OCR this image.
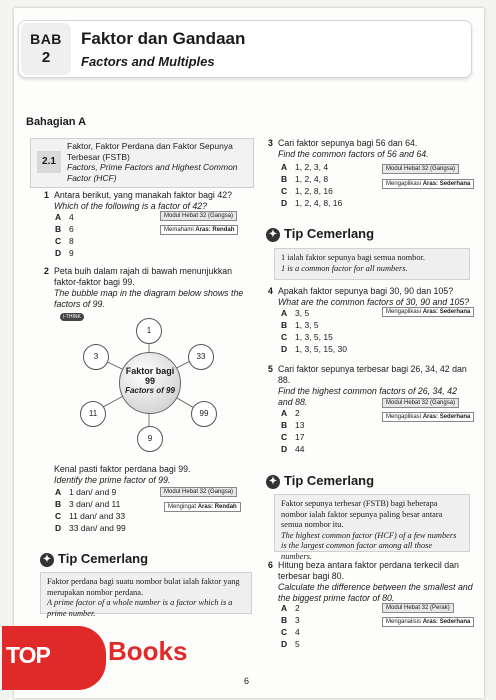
BAB
2
Faktor dan Gandaan
Factors and Multiples
Bahagian A
2.1
Faktor, Faktor Perdana dan Faktor Sepunya Terbesar (FSTB)
Factors, Prime Factors and Highest Common Factor (HCF)
1 Antara berikut, yang manakah faktor bagi 42?
Which of the following is a factor of 42?
A 4
B 6
C 8
D 9
Modul Hebat 32 (Gangsa)
Memahami Aras: Rendah
2 Peta buih dalam rajah di bawah menunjukkan faktor-faktor bagi 99.
The bubble map in the diagram below shows the factors of 99.
1
33
99
9
11
3
Faktor bagi 99
Factors of 99
i-THINK
Kenal pasti faktor perdana bagi 99.
Identify the prime factor of 99.
A 1 dan/ and 9
B 3 dan/ and 11
C 11 dan/ and 33
D 33 dan/ and 99
Modul Hebat 32 (Gangsa)
Mengingat Aras: Rendah
✦ Tip Cemerlang
Faktor perdana bagi suatu nombor bulat ialah faktor yang merupakan nombor perdana.
A prime factor of a whole number is a factor which is a prime number.
3 Cari faktor sepunya bagi 56 dan 64.
Find the common factors of 56 and 64.
A 1, 2, 3, 4
B 1, 2, 4, 8
C 1, 2, 8, 16
D 1, 2, 4, 8, 16
Modul Hebat 32 (Gangsa)
Mengaplikasi Aras: Sederhana
✦ Tip Cemerlang
1 ialah faktor sepunya bagi semua nombor.
1 is a common factor for all numbers.
4 Apakah faktor sepunya bagi 30, 90 dan 105?
What are the common factors of 30, 90 and 105?
A 3, 5
B 1, 3, 5
C 1, 3, 5, 15
D 1, 3, 5, 15, 30
Mengaplikasi Aras: Sederhana
5 Cari faktor sepunya terbesar bagi 26, 34, 42 dan 88.
Find the highest common factors of 26, 34, 42 and 88.
A 2
B 13
C 17
D 44
Modul Hebat 32 (Gangsa)
Mengaplikasi Aras: Sederhana
✦ Tip Cemerlang
Faktor sepunya terbesar (FSTB) bagi beberapa nombor ialah faktor sepunya paling besar antara semua nombor itu.
The highest common factor (HCF) of a few numbers is the largest common factor among all those numbers.
6 Hitung beza antara faktor perdana terkecil dan terbesar bagi 80.
Calculate the difference between the smallest and the biggest prime factor of 80.
A 2
B 3
C 4
D 5
Modul Hebat 32 (Perak)
Menganalisis Aras: Sederhana
TOP Books
6
